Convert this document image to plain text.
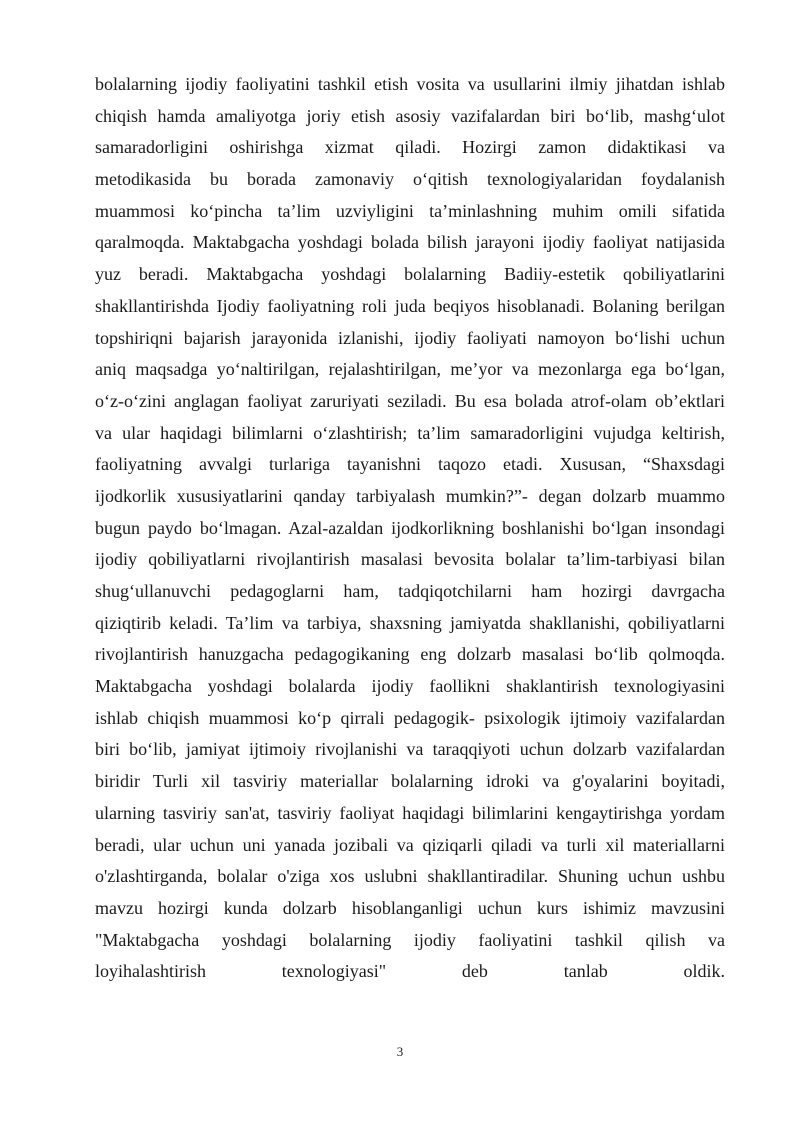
bolalarning ijodiy faoliyatini tashkil etish vosita va usullarini ilmiy jihatdan ishlab
chiqish hamda amaliyotga joriy etish asosiy vazifalardan biri bo‘lib, mashg‘ulot
samaradorligini oshirishga xizmat qiladi. Hozirgi zamon didaktikasi va
metodikasida bu borada zamonaviy o‘qitish texnologiyalaridan foydalanish
muammosi ko‘pincha ta’lim uzviyligini ta’minlashning muhim omili sifatida
qaralmoqda. Maktabgacha yoshdagi bolada bilish jarayoni ijodiy faoliyat natijasida
yuz beradi. Maktabgacha yoshdagi bolalarning Badiiy-estetik qobiliyatlarini
shakllantirishda Ijodiy faoliyatning roli juda beqiyos hisoblanadi. Bolaning berilgan
topshiriqni bajarish jarayonida izlanishi, ijodiy faoliyati namoyon bo‘lishi uchun
aniq maqsadga yo‘naltirilgan, rejalashtirilgan, me’yor va mezonlarga ega bo‘lgan,
o‘z-o‘zini anglagan faoliyat zaruriyati seziladi. Bu esa bolada atrof-olam ob’ektlari
va ular haqidagi bilimlarni o‘zlashtirish; ta’lim samaradorligini vujudga keltirish,
faoliyatning avvalgi turlariga tayanishni taqozo etadi. Xususan, “Shaxsdagi
ijodkorlik xususiyatlarini qanday tarbiyalash mumkin?”- degan dolzarb muammo
bugun paydo bo‘lmagan. Azal-azaldan ijodkorlikning boshlanishi bo‘lgan insondagi
ijodiy qobiliyatlarni rivojlantirish masalasi bevosita bolalar ta’lim-tarbiyasi bilan
shug‘ullanuvchi pedagoglarni ham, tadqiqotchilarni ham hozirgi davrgacha
qiziqtirib keladi. Ta’lim va tarbiya, shaxsning jamiyatda shakllanishi, qobiliyatlarni
rivojlantirish hanuzgacha pedagogikaning eng dolzarb masalasi bo‘lib qolmoqda.
Maktabgacha yoshdagi bolalarda ijodiy faollikni shaklantirish texnologiyasini
ishlab chiqish muammosi ko‘p qirrali pedagogik- psixologik ijtimoiy vazifalardan
biri bo‘lib, jamiyat ijtimoiy rivojlanishi va taraqqiyoti uchun dolzarb vazifalardan
biridir Turli xil tasviriy materiallar bolalarning idroki va g'oyalarini boyitadi,
ularning tasviriy san'at, tasviriy faoliyat haqidagi bilimlarini kengaytirishga yordam
beradi, ular uchun uni yanada jozibali va qiziqarli qiladi va turli xil materiallarni
o'zlashtirganda, bolalar o'ziga xos uslubni shakllantiradilar. Shuning uchun ushbu
mavzu hozirgi kunda dolzarb hisoblanganligi uchun kurs ishimiz mavzusini
"Maktabgacha yoshdagi bolalarning ijodiy faoliyatini tashkil qilish va
loyihalashtirish texnologiyasi" deb tanlab oldik.
3
